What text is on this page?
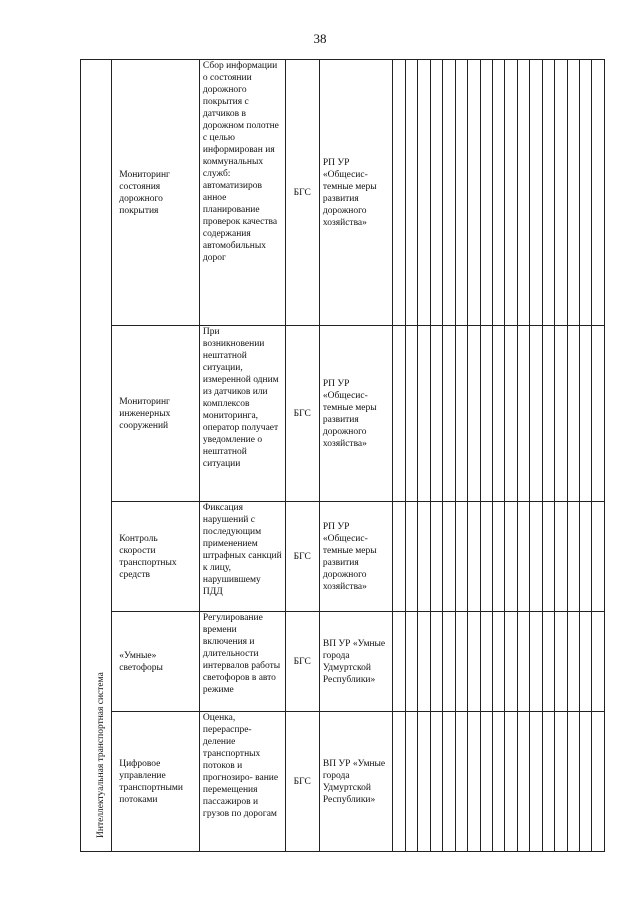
38
Интеллектуальная транспортная система	Мониторинг состояния дорожного покрытия	Сбор информации о состоянии дорожного покрытия с датчиков в дорожном полотне с целью информирован ия коммунальных служб: автоматизиров анное планирование проверок качества содержания автомобильных дорог	БГС	РП УР «Общесис- темные меры развития дорожного хозяйства»																	
	Мониторинг инженерных сооружений	При возникновении нештатной ситуации, измеренной одним из датчиков или комплексов мониторинга, оператор получает уведомление о нештатной ситуации	БГС	РП УР «Общесис- темные меры развития дорожного хозяйства»																	
	Контроль скорости транспортных средств	Фиксация нарушений с последующим применением штрафных санкций к лицу, нарушившему ПДД	БГС	РП УР «Общесис- темные меры развития дорожного хозяйства»																	
	«Умные» светофоры	Регулирование времени включения и длительности интервалов работы светофоров в авто режиме	БГС	ВП УР «Умные города Удмуртской Республики»																	
	Цифровое управление транспортными потоками	Оценка, перераспре- деление транспортных потоков и прогнозиро- вание перемещения пассажиров и грузов по дорогам	БГС	ВП УР «Умные города Удмуртской Республики»																	
